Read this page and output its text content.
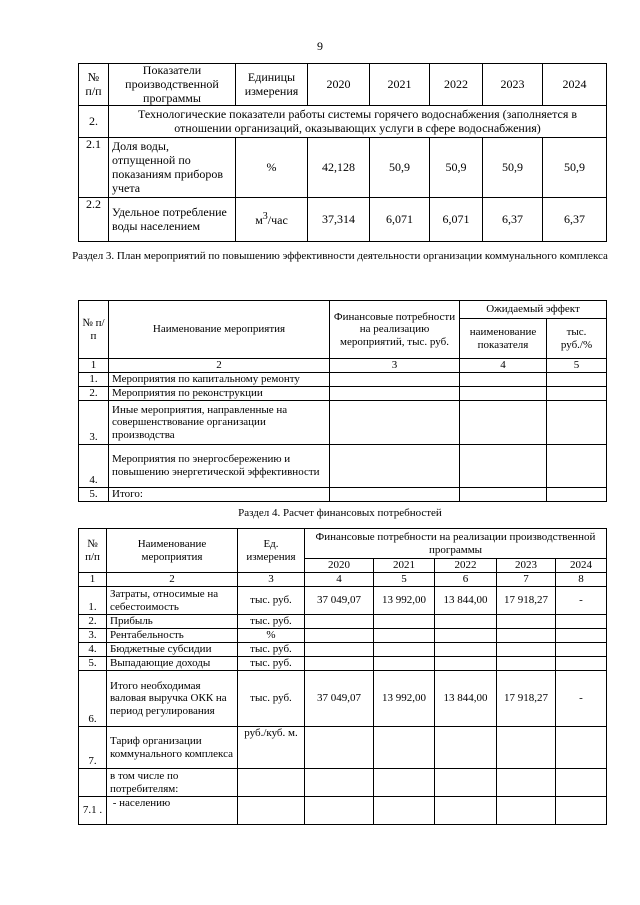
9
№ п/п	Показатели производственной программы	Единицы измерения	2020	2021	2022	2023	2024
2.	Технологические показатели работы системы горячего водоснабжения (заполняется в отношении организаций, оказывающих услуги в сфере водоснабжения)						
2.1	Доля воды, отпущенной по показаниям приборов учета	%	42,128	50,9	50,9	50,9	50,9
2.2	Удельное потребление воды населением	$м^3$/час	37,314	6,071	6,071	6,37	6,37
Раздел 3. План мероприятий по повышению эффективности деятельности организации коммунального комплекса
№ п/п	Наименование мероприятия	Финансовые потребности на реализацию мероприятий, тыс. руб.	Ожидаемый эффект	
			наименование показателя	тыс. руб./%
1	2	3	4	5
1.	Мероприятия по капитальному ремонту			
2.	Мероприятия по реконструкции			
3.	Иные мероприятия, направленные на совершенствование организации производства			
4.	Мероприятия по энергосбережению и повышению энергетической эффективности			
5.	Итого:			
Раздел 4. Расчет финансовых потребностей
№ п/п	Наименование мероприятия	Ед. измерения	Финансовые потребности на реализации производственной программы				
			2020	2021	2022	2023	2024
1	2	3	4	5	6	7	8
1.	Затраты, относимые на себестоимость	тыс. руб.	37 049,07	13 992,00	13 844,00	17 918,27	-
2.	Прибыль	тыс. руб.					
3.	Рентабельность	%					
4.	Бюджетные субсидии	тыс. руб.					
5.	Выпадающие доходы	тыс. руб.					
6.	Итого необходимая валовая выручка ОКК на период регулирования	тыс. руб.	37 049,07	13 992,00	13 844,00	17 918,27	-
7.	Тариф организации коммунального комплекса	руб./куб. м.					
	в том числе по потребителям:						
7.1 .	- населению						
